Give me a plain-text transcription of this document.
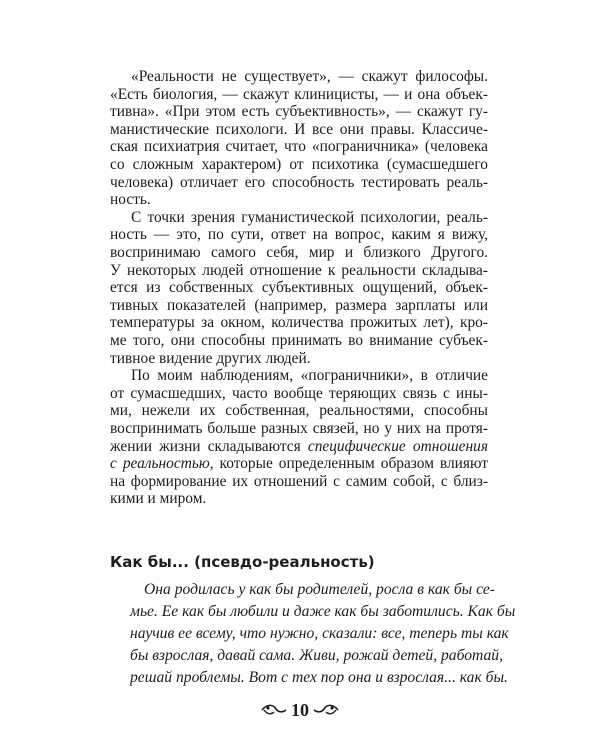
«Реальности не существует», — скажут философы.

«Есть биология, — скажут клиницисты, — и она объек-

тивна». «При этом есть субъективность», — скажут гу-

манистические психологи. И все они правы. Классиче-

ская психиатрия считает, что «пограничника» (человека

со сложным характером) от психотика (сумасшедшего

человека) отличает его способность тестировать реаль-

ность.

С точки зрения гуманистической психологии, реаль-

ность — это, по сути, ответ на вопрос, каким я вижу,

воспринимаю самого себя, мир и близкого Другого.

У некоторых людей отношение к реальности складыва-

ется из собственных субъективных ощущений, объек-

тивных показателей (например, размера зарплаты или

температуры за окном, количества прожитых лет), кро-

ме того, они способны принимать во внимание субъек-

тивное видение других людей.

По моим наблюдениям, «пограничники», в отличие

от сумасшедших, часто вообще теряющих связь с ины-

ми, нежели их собственная, реальностями, способны

воспринимать больше разных связей, но у них на протя-

жении жизни складываются специфические отношения

с реальностью, которые определенным образом влияют

на формирование их отношений с самим собой, с близ-

кими и миром.

Как бы... (псевдо-реальность)

Она родилась у как бы родителей, росла в как бы се-

мье. Ее как бы любили и даже как бы заботились. Как бы

научив ее всему, что нужно, сказали: все, теперь ты как

бы взрослая, давай сама. Живи, рожай детей, работай,

решай проблемы. Вот с тех пор она и взрослая... как бы.

10
